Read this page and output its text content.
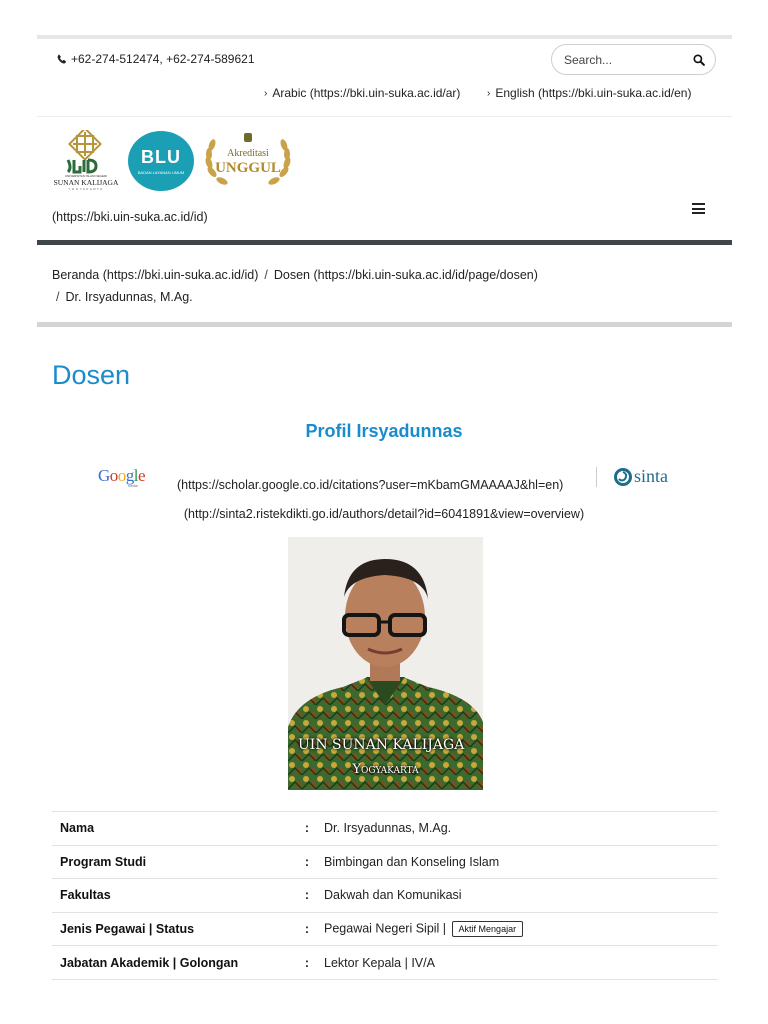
+62-274-512474, +62-274-589621
Search...
› Arabic (https://bki.uin-suka.ac.id/ar)	› English (https://bki.uin-suka.ac.id/en)
UNIVERSITAS ISLAM NEGERI
SUNAN KALIJAGA
YOGYAKARTA
BLU
BADAN LAYANAN UMUM
Akreditasi
UNGGUL
(https://bki.uin-suka.ac.id/id)
Beranda (https://bki.uin-suka.ac.id/id) / Dosen (https://bki.uin-suka.ac.id/id/page/dosen)
/ Dr. Irsyadunnas, M.Ag.
Dosen
Profil Irsyadunnas
Google
scholar	(https://scholar.google.co.id/citations?user=mKbamGMAAAAJ&hl=en)	sinta
(http://sinta2.ristekdikti.go.id/authors/detail?id=6041891&view=overview)
UIN SUNAN KALIJAGA
Yogyakarta
Nama	:	Dr. Irsyadunnas, M.Ag.
Program Studi	:	Bimbingan dan Konseling Islam
Fakultas	:	Dakwah dan Komunikasi
Jenis Pegawai | Status	:	Pegawai Negeri Sipil | Aktif Mengajar
Jabatan Akademik | Golongan	:	Lektor Kepala | IV/A
